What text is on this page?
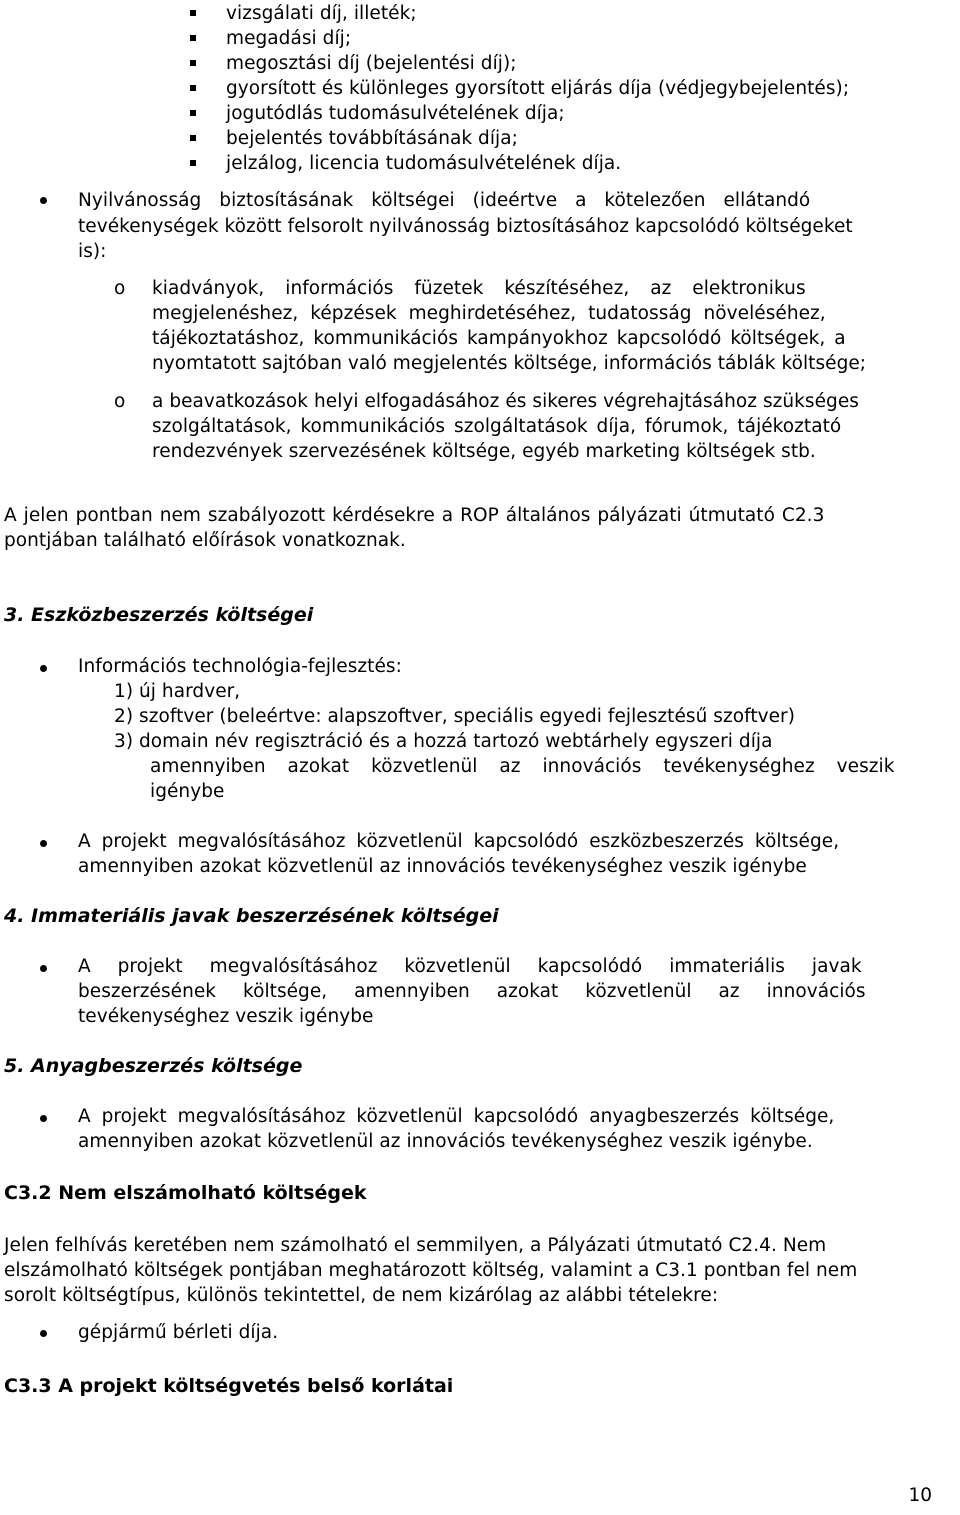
vizsgálati díj, illeték;
megadási díj;
megosztási díj (bejelentési díj);
gyorsított és különleges gyorsított eljárás díja (védjegybejelentés);
jogutódlás tudomásulvételének díja;
bejelentés továbbításának díja;
jelzálog, licencia tudomásulvételének díja.
Nyilvánosság biztosításának költségei (ideértve a kötelezően ellátandó
tevékenységek között felsorolt nyilvánosság biztosításához kapcsolódó költségeket
is):
o kiadványok, információs füzetek készítéséhez, az elektronikus
megjelenéshez, képzések meghirdetéséhez, tudatosság növeléséhez,
tájékoztatáshoz, kommunikációs kampányokhoz kapcsolódó költségek, a
nyomtatott sajtóban való megjelentés költsége, információs táblák költsége;
o a beavatkozások helyi elfogadásához és sikeres végrehajtásához szükséges
szolgáltatások, kommunikációs szolgáltatások díja, fórumok, tájékoztató
rendezvények szervezésének költsége, egyéb marketing költségek stb.
A jelen pontban nem szabályozott kérdésekre a ROP általános pályázati útmutató C2.3
pontjában található előírások vonatkoznak.
3. Eszközbeszerzés költségei
Információs technológia-fejlesztés:
1) új hardver,
2) szoftver (beleértve: alapszoftver, speciális egyedi fejlesztésű szoftver)
3) domain név regisztráció és a hozzá tartozó webtárhely egyszeri díja
amennyiben azokat közvetlenül az innovációs tevékenységhez veszik
igénybe
A projekt megvalósításához közvetlenül kapcsolódó eszközbeszerzés költsége,
amennyiben azokat közvetlenül az innovációs tevékenységhez veszik igénybe
4. Immateriális javak beszerzésének költségei
A projekt megvalósításához közvetlenül kapcsolódó immateriális javak
beszerzésének költsége, amennyiben azokat közvetlenül az innovációs
tevékenységhez veszik igénybe
5. Anyagbeszerzés költsége
A projekt megvalósításához közvetlenül kapcsolódó anyagbeszerzés költsége,
amennyiben azokat közvetlenül az innovációs tevékenységhez veszik igénybe.
C3.2 Nem elszámolható költségek
Jelen felhívás keretében nem számolható el semmilyen, a Pályázati útmutató C2.4. Nem
elszámolható költségek pontjában meghatározott költség, valamint a C3.1 pontban fel nem
sorolt költségtípus, különös tekintettel, de nem kizárólag az alábbi tételekre:
gépjármű bérleti díja.
C3.3 A projekt költségvetés belső korlátai
10
